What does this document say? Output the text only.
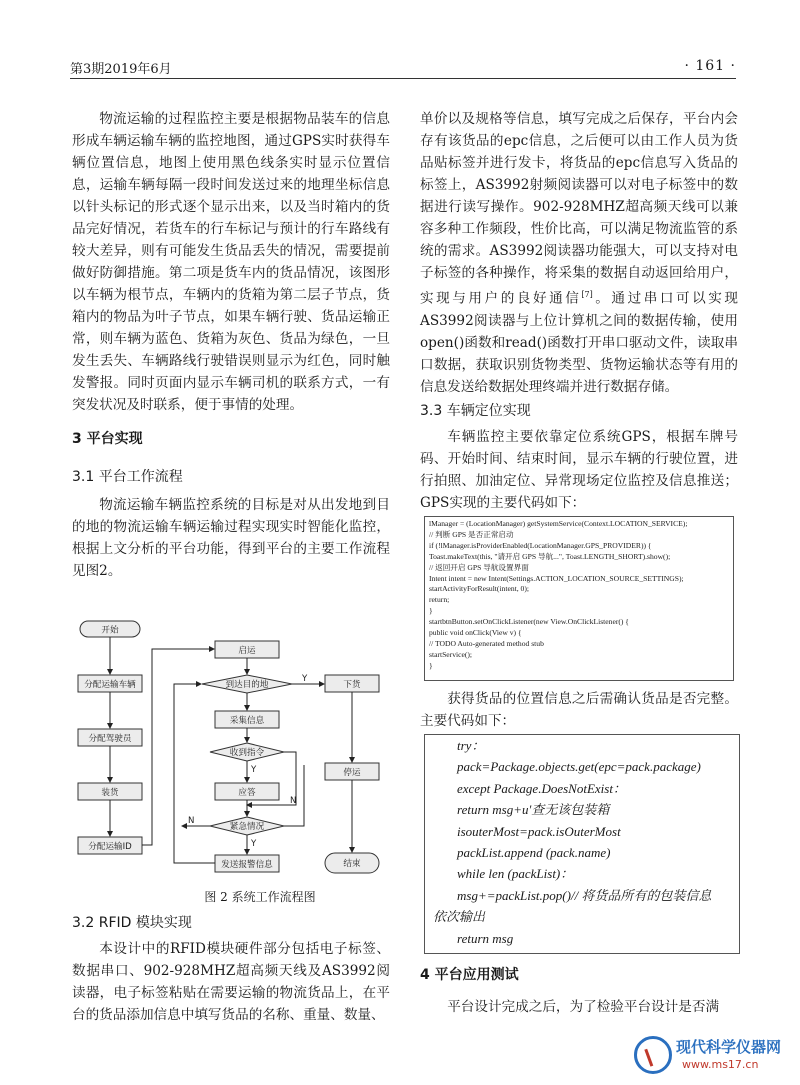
第3期2019年6月	· 161 ·

物流运输的过程监控主要是根据物品装车的信息形成车辆运输车辆的监控地图，通过GPS实时获得车辆位置信息，地图上使用黑色线条实时显示位置信息，运输车辆每隔一段时间发送过来的地理坐标信息以针头标记的形式逐个显示出来，以及当时箱内的货品完好情况，若货车的行车标记与预计的行车路线有较大差异，则有可能发生货品丢失的情况，需要提前做好防御措施。第二项是货车内的货品情况，该图形以车辆为根节点，车辆内的货箱为第二层子节点，货箱内的物品为叶子节点，如果车辆行驶、货品运输正常，则车辆为蓝色、货箱为灰色、货品为绿色，一旦发生丢失、车辆路线行驶错误则显示为红色，同时触发警报。同时页面内显示车辆司机的联系方式，一有突发状况及时联系，便于事情的处理。

3 平台实现

3.1 平台工作流程

物流运输车辆监控系统的目标是对从出发地到目的地的物流运输车辆运输过程实现实时智能化监控，根据上文分析的平台功能，得到平台的主要工作流程见图2。

开始
分配运输车辆
分配驾驶员
装货
分配运输ID
启运
到达目的地
采集信息
收到指令
应答
紧急情况
发送报警信息
下货
停运
结束
Y
Y
Y
N
N
图 2 系统工作流程图

3.2 RFID 模块实现

本设计中的RFID模块硬件部分包括电子标签、数据串口、902-928MHZ超高频天线及AS3992阅读器，电子标签粘贴在需要运输的物流货品上，在平台的货品添加信息中填写货品的名称、重量、数量、

单价以及规格等信息，填写完成之后保存，平台内会存有该货品的epc信息，之后便可以由工作人员为货品贴标签并进行发卡，将货品的epc信息写入货品的标签上，AS3992射频阅读器可以对电子标签中的数据进行读写操作。902-928MHZ超高频天线可以兼容多种工作频段，性价比高，可以满足物流监管的系统的需求。AS3992阅读器功能强大，可以支持对电子标签的各种操作，将采集的数据自动返回给用户，实现与用户的良好通信[7]。通过串口可以实现AS3992阅读器与上位计算机之间的数据传输，使用open()函数和read()函数打开串口驱动文件，读取串口数据，获取识别货物类型、货物运输状态等有用的信息发送给数据处理终端并进行数据存储。

3.3 车辆定位实现

车辆监控主要依靠定位系统GPS，根据车牌号码、开始时间、结束时间，显示车辆的行驶位置，进行拍照、加油定位、异常现场定位监控及信息推送；GPS实现的主要代码如下：

lManager = (LocationManager) getSystemService(Context.LOCATION_SERVICE);
// 判断 GPS 是否正常启动
if (!lManager.isProviderEnabled(LocationManager.GPS_PROVIDER)) {
Toast.makeText(this, "请开启 GPS 导航...", Toast.LENGTH_SHORT).show();
// 返回开启 GPS 导航设置界面
Intent intent = new Intent(Settings.ACTION_LOCATION_SOURCE_SETTINGS);
startActivityForResult(intent, 0);
return;
}
startbtnButton.setOnClickListener(new View.OnClickListener() {
public void onClick(View v) {
// TODO Auto-generated method stub
startService();
}

获得货品的位置信息之后需确认货品是否完整。主要代码如下：

try：
pack=Package.objects.get(epc=pack.package)
except Package.DoesNotExist：
return msg+u'查无该包装箱
isouterMost=pack.isOuterMost
packList.append (pack.name)
while len (packList)：
msg+=packList.pop()// 将货品所有的包装信息
依次输出
return msg

4 平台应用测试

平台设计完成之后，为了检验平台设计是否满

现代科学仪器网
www.ms17.cn
